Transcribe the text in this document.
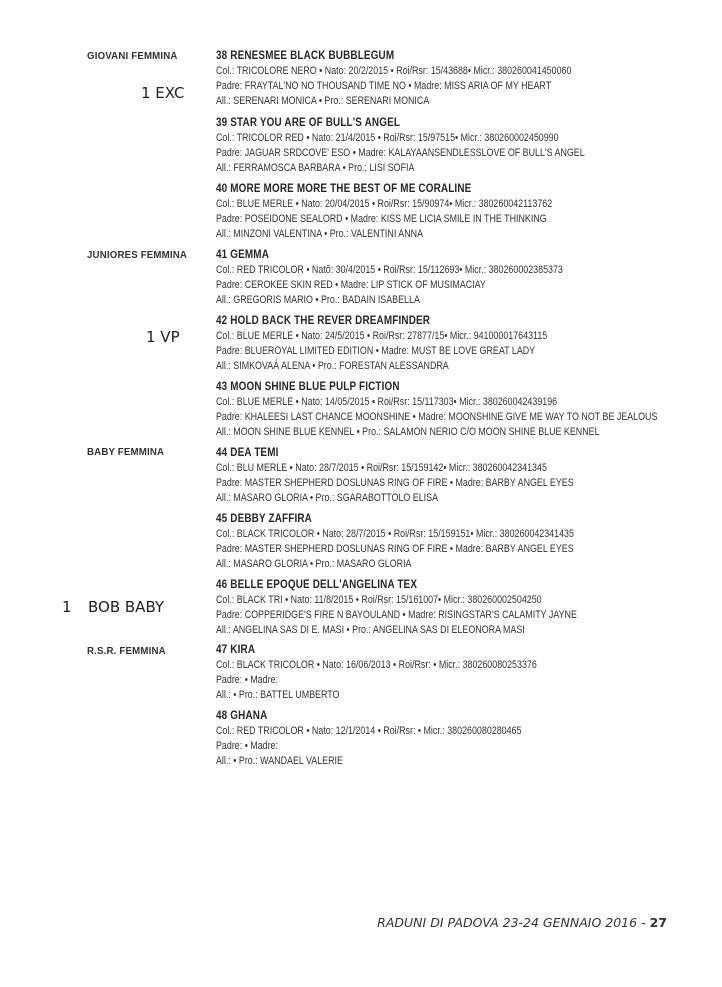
GIOVANI FEMMINA
JUNIORES FEMMINA
BABY FEMMINA
R.S.R. FEMMINA
1 EXC
1 VP
1 BOB BABY
38 RENESMEE BLACK BUBBLEGUM
Col.: TRICOLORE NERO • Nato: 20/2/2015 • Roi/Rsr: 15/43688• Micr.: 380260041450060
Padre: FRAYTAL'NO NO THOUSAND TIME NO • Madre: MISS ARIA OF MY HEART
All.: SERENARI MONICA • Pro.: SERENARI MONICA
39 STAR YOU ARE OF BULL'S ANGEL
Col.: TRICOLOR RED • Nato: 21/4/2015 • Roi/Rsr: 15/97515• Micr.: 380260002450990
Padre: JAGUAR SRDCOVE' ESO • Madre: KALAYAANSENDLESSLOVE OF BULL'S ANGEL
All.: FERRAMOSCA BARBARA • Pro.: LISI SOFIA
40 MORE MORE MORE THE BEST OF ME CORALINE
Col.: BLUE MERLE • Nato: 20/04/2015 • Roi/Rsr: 15/90974• Micr.: 380260042113762
Padre: POSEIDONE SEALORD • Madre: KISS ME LICIA SMILE IN THE THINKING
All.: MINZONI VALENTINA • Pro.: VALENTINI ANNA
41 GEMMA
Col.: RED TRICOLOR • Natô: 30/4/2015 • Roi/Rsr: 15/112693• Micr.: 380260002385373
Padre: CEROKEE SKIN RED • Madre: LIP STICK OF MUSIMACIAY
All.: GREGORIS MARIO • Pro.: BADAIN ISABELLA
42 HOLD BACK THE REVER DREAMFINDER
Col.: BLUE MERLE • Nato: 24/5/2015 • Roi/Rsr: 27877/15• Micr.: 941000017643115
Padre: BLUEROYAL LIMITED EDITION • Madre: MUST BE LOVE GREAT LADY
All.: SIMKOVAÁ ALENA • Pro.: FORESTAN ALESSANDRA
43 MOON SHINE BLUE PULP FICTION
Col.: BLUE MERLE • Nato: 14/05/2015 • Roi/Rsr: 15/117303• Micr.: 380260042439196
Padre: KHALEESI LAST CHANCE MOONSHINE • Madre: MOONSHINE GIVE ME WAY TO NOT BE JEALOUS
All.: MOON SHINE BLUE KENNEL • Pro.: SALAMON NERIO C/O MOON SHINE BLUE KENNEL
44 DEA TEMI
Col.: BLU MERLE • Nato: 28/7/2015 • Roi/Rsr: 15/159142• Micr.: 380260042341345
Padre: MASTER SHEPHERD DOSLUNAS RING OF FIRE • Madre: BARBY ANGEL EYES
All.: MASARO GLORIA • Pro.: SGARABOTTOLO ELISA
45 DEBBY ZAFFIRA
Col.: BLACK TRICOLOR • Nato: 28/7/2015 • Roi/Rsr: 15/159151• Micr.: 380260042341435
Padre: MASTER SHEPHERD DOSLUNAS RING OF FIRE • Madre: BARBY ANGEL EYES
All.: MASARO GLORIA • Pro.: MASARO GLORIA
46 BELLE EPOQUE DELL'ANGELINA TEX
Col.: BLACK TRI • Nato: 11/8/2015 • Roi/Rsr: 15/161007• Micr.: 380260002504250
Padre: COPPERIDGE'S FIRE N BAYOULAND • Madre: RISINGSTAR'S CALAMITY JAYNE
All.: ANGELINA SAS DI E. MASI • Pro.: ANGELINA SAS DI ELEONORA MASI
47 KIRA
Col.: BLACK TRICOLOR • Nato: 16/06/2013 • Roi/Rsr: • Micr.: 380260080253376
Padre: • Madre:
All.: • Pro.: BATTEL UMBERTO
48 GHANA
Col.: RED TRICOLOR • Nato: 12/1/2014 • Roi/Rsr: • Micr.: 380260080280465
Padre: • Madre:
All.: • Pro.: WANDAEL VALERIE
RADUNI DI PADOVA 23-24 GENNAIO 2016 - 27
